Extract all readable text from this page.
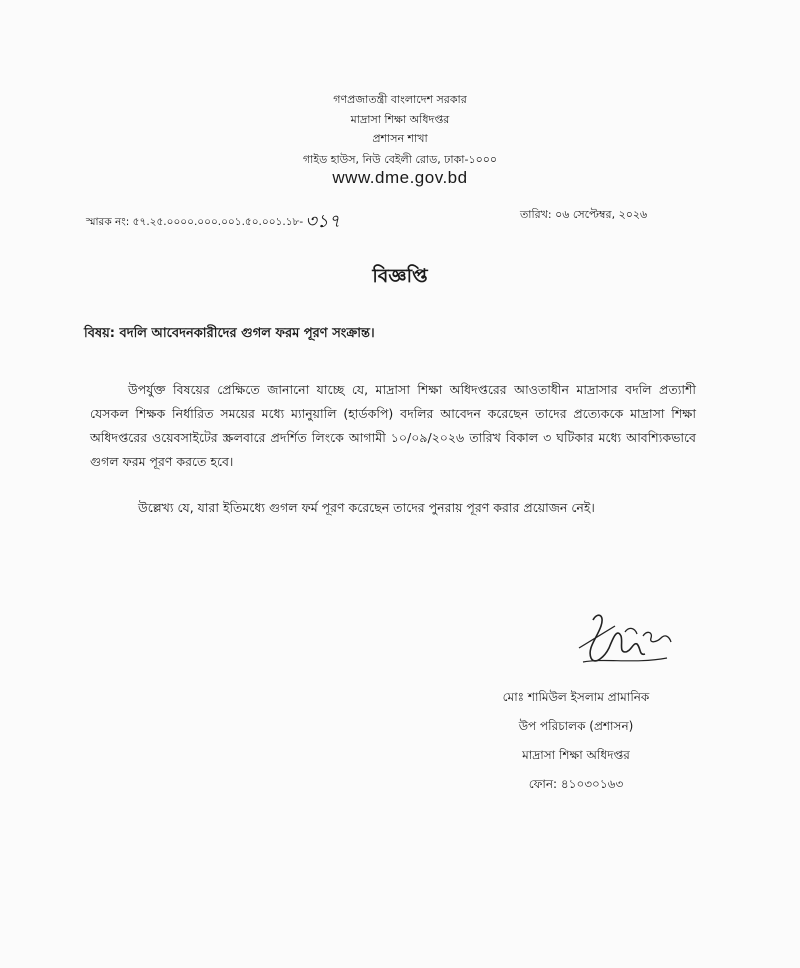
গণপ্রজাতন্ত্রী বাংলাদেশ সরকার
মাদ্রাসা শিক্ষা অধিদপ্তর
প্রশাসন শাখা
গাইড হাউস, নিউ বেইলী রোড, ঢাকা-১০০০
www.dme.gov.bd
স্মারক নং: ৫৭.২৫.০০০০.০০০.০০১.৫০.০০১.১৮- ৩১৭	তারিখ: ০৬ সেপ্টেম্বর, ২০২৬
বিজ্ঞপ্তি
বিষয়: বদলি আবেদনকারীদের গুগল ফরম পূরণ সংক্রান্ত।
উপর্যুক্ত বিষয়ের প্রেক্ষিতে জানানো যাচ্ছে যে, মাদ্রাসা শিক্ষা অধিদপ্তরের আওতাধীন মাদ্রাসার বদলি প্রত্যাশী যেসকল শিক্ষক নির্ধারিত সময়ের মধ্যে ম্যানুয়ালি (হার্ডকপি) বদলির আবেদন করেছেন তাদের প্রত্যেককে মাদ্রাসা শিক্ষা অধিদপ্তরের ওয়েবসাইটের স্ক্রলবারে প্রদর্শিত লিংকে আগামী ১০/০৯/২০২৬ তারিখ বিকাল ৩ ঘটিকার মধ্যে আবশ্যিকভাবে গুগল ফরম পূরণ করতে হবে।
উল্লেখ্য যে, যারা ইতিমধ্যে গুগল ফর্ম পূরণ করেছেন তাদের পুনরায় পূরণ করার প্রয়োজন নেই।
মোঃ শামিউল ইসলাম প্রামানিক
উপ পরিচালক (প্রশাসন)
মাদ্রাসা শিক্ষা অধিদপ্তর
ফোন: ৪১০৩০১৬৩
